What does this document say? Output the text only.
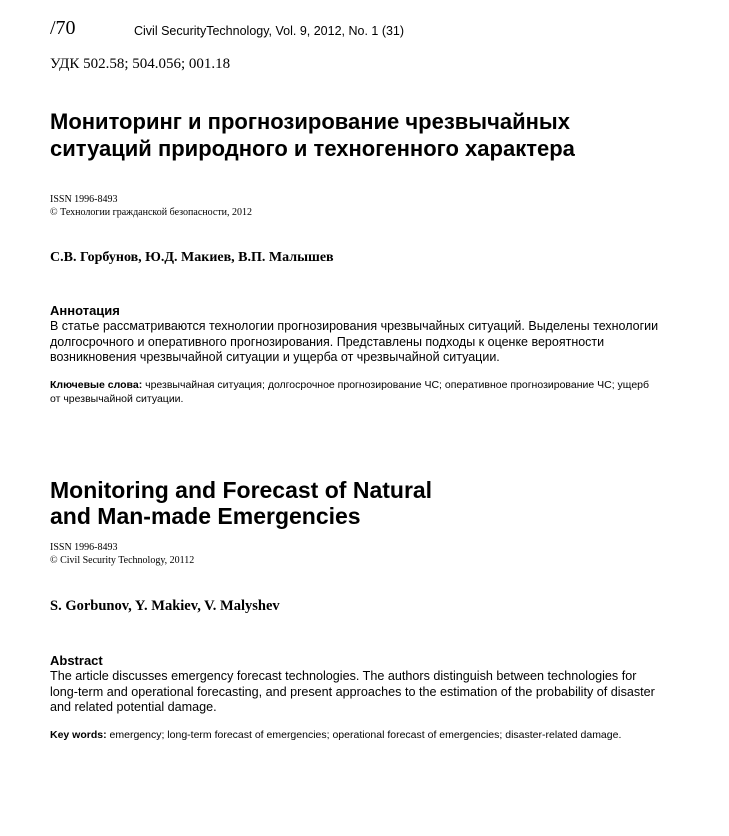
/70	Civil SecurityTechnology, Vol. 9, 2012, No. 1 (31)
УДК 502.58; 504.056; 001.18
Мониторинг и прогнозирование чрезвычайных
ситуаций природного и техногенного характера
ISSN 1996-8493
© Технологии гражданской безопасности, 2012
С.В. Горбунов, Ю.Д. Макиев, В.П. Малышев
Аннотация
В статье рассматриваются технологии прогнозирования чрезвычайных ситуаций. Выделены технологии долгосрочного и оперативного прогнозирования. Представлены подходы к оценке вероятности возникновения чрезвычайной ситуации и ущерба от чрезвычайной ситуации.
Ключевые слова: чрезвычайная ситуация; долгосрочное прогнозирование ЧС; оперативное прогнозирование ЧС; ущерб от чрезвычайной ситуации.
Monitoring and Forecast of Natural
and Man-made Emergencies
ISSN 1996-8493
© Civil Security Technology, 20112
S. Gorbunov, Y. Makiev, V. Malyshev
Abstract
The article discusses emergency forecast technologies. The authors distinguish between technologies for long-term and operational forecasting, and present approaches to the estimation of the probability of disaster and related potential damage.
Key words: emergency; long-term forecast of emergencies; operational forecast of emergencies; disaster-related damage.
